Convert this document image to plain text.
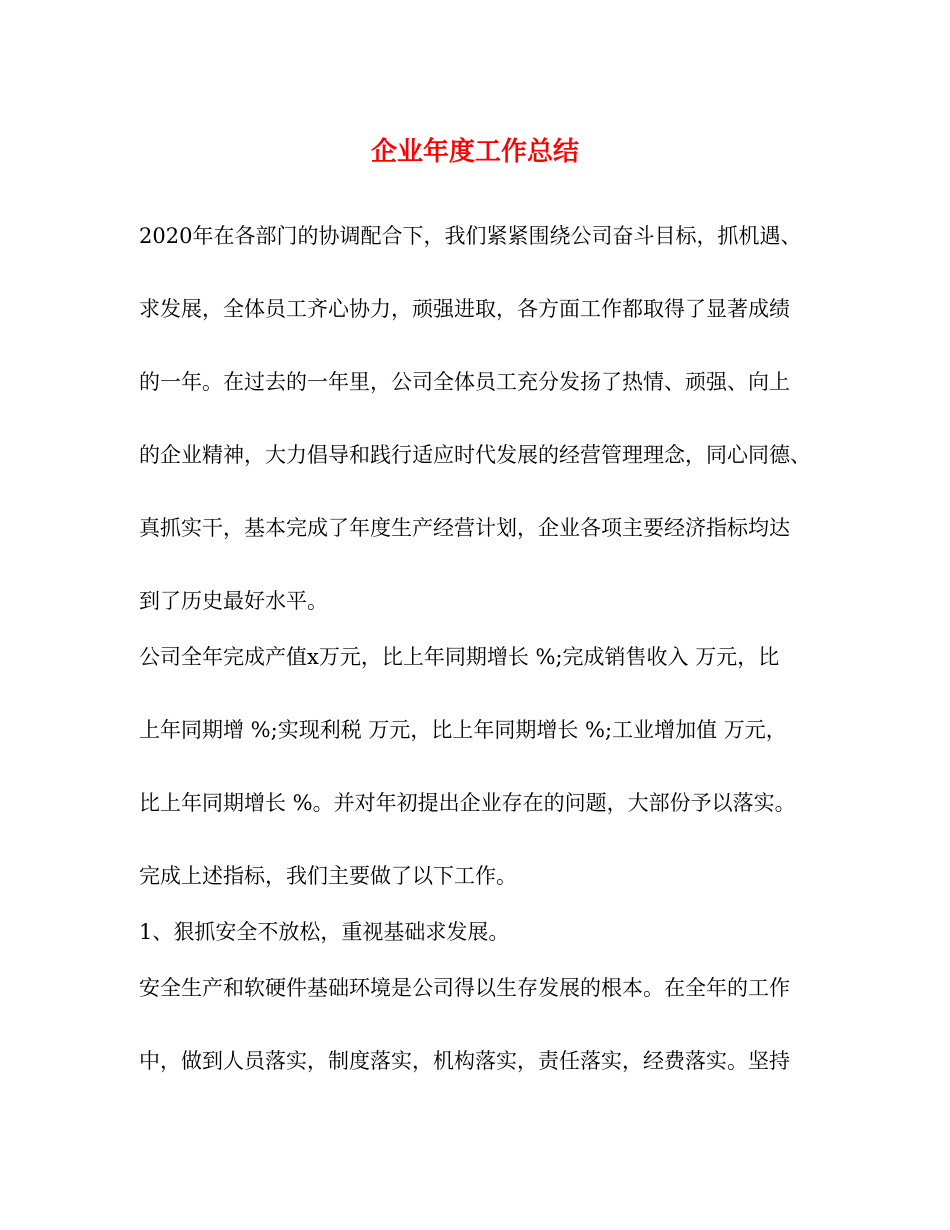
企业年度工作总结
2020年在各部门的协调配合下，我们紧紧围绕公司奋斗目标，抓机遇、
求发展，全体员工齐心协力，顽强进取，各方面工作都取得了显著成绩
的一年。在过去的一年里，公司全体员工充分发扬了热情、顽强、向上
的企业精神，大力倡导和践行适应时代发展的经营管理理念，同心同德、
真抓实干，基本完成了年度生产经营计划，企业各项主要经济指标均达
到了历史最好水平。
公司全年完成产值x万元，比上年同期增长 %;完成销售收入 万元，比
上年同期增 %;实现利税 万元，比上年同期增长 %;工业增加值 万元，
比上年同期增长 %。并对年初提出企业存在的问题，大部份予以落实。
完成上述指标，我们主要做了以下工作。
1、狠抓安全不放松，重视基础求发展。
安全生产和软硬件基础环境是公司得以生存发展的根本。在全年的工作
中，做到人员落实，制度落实，机构落实，责任落实，经费落实。坚持
